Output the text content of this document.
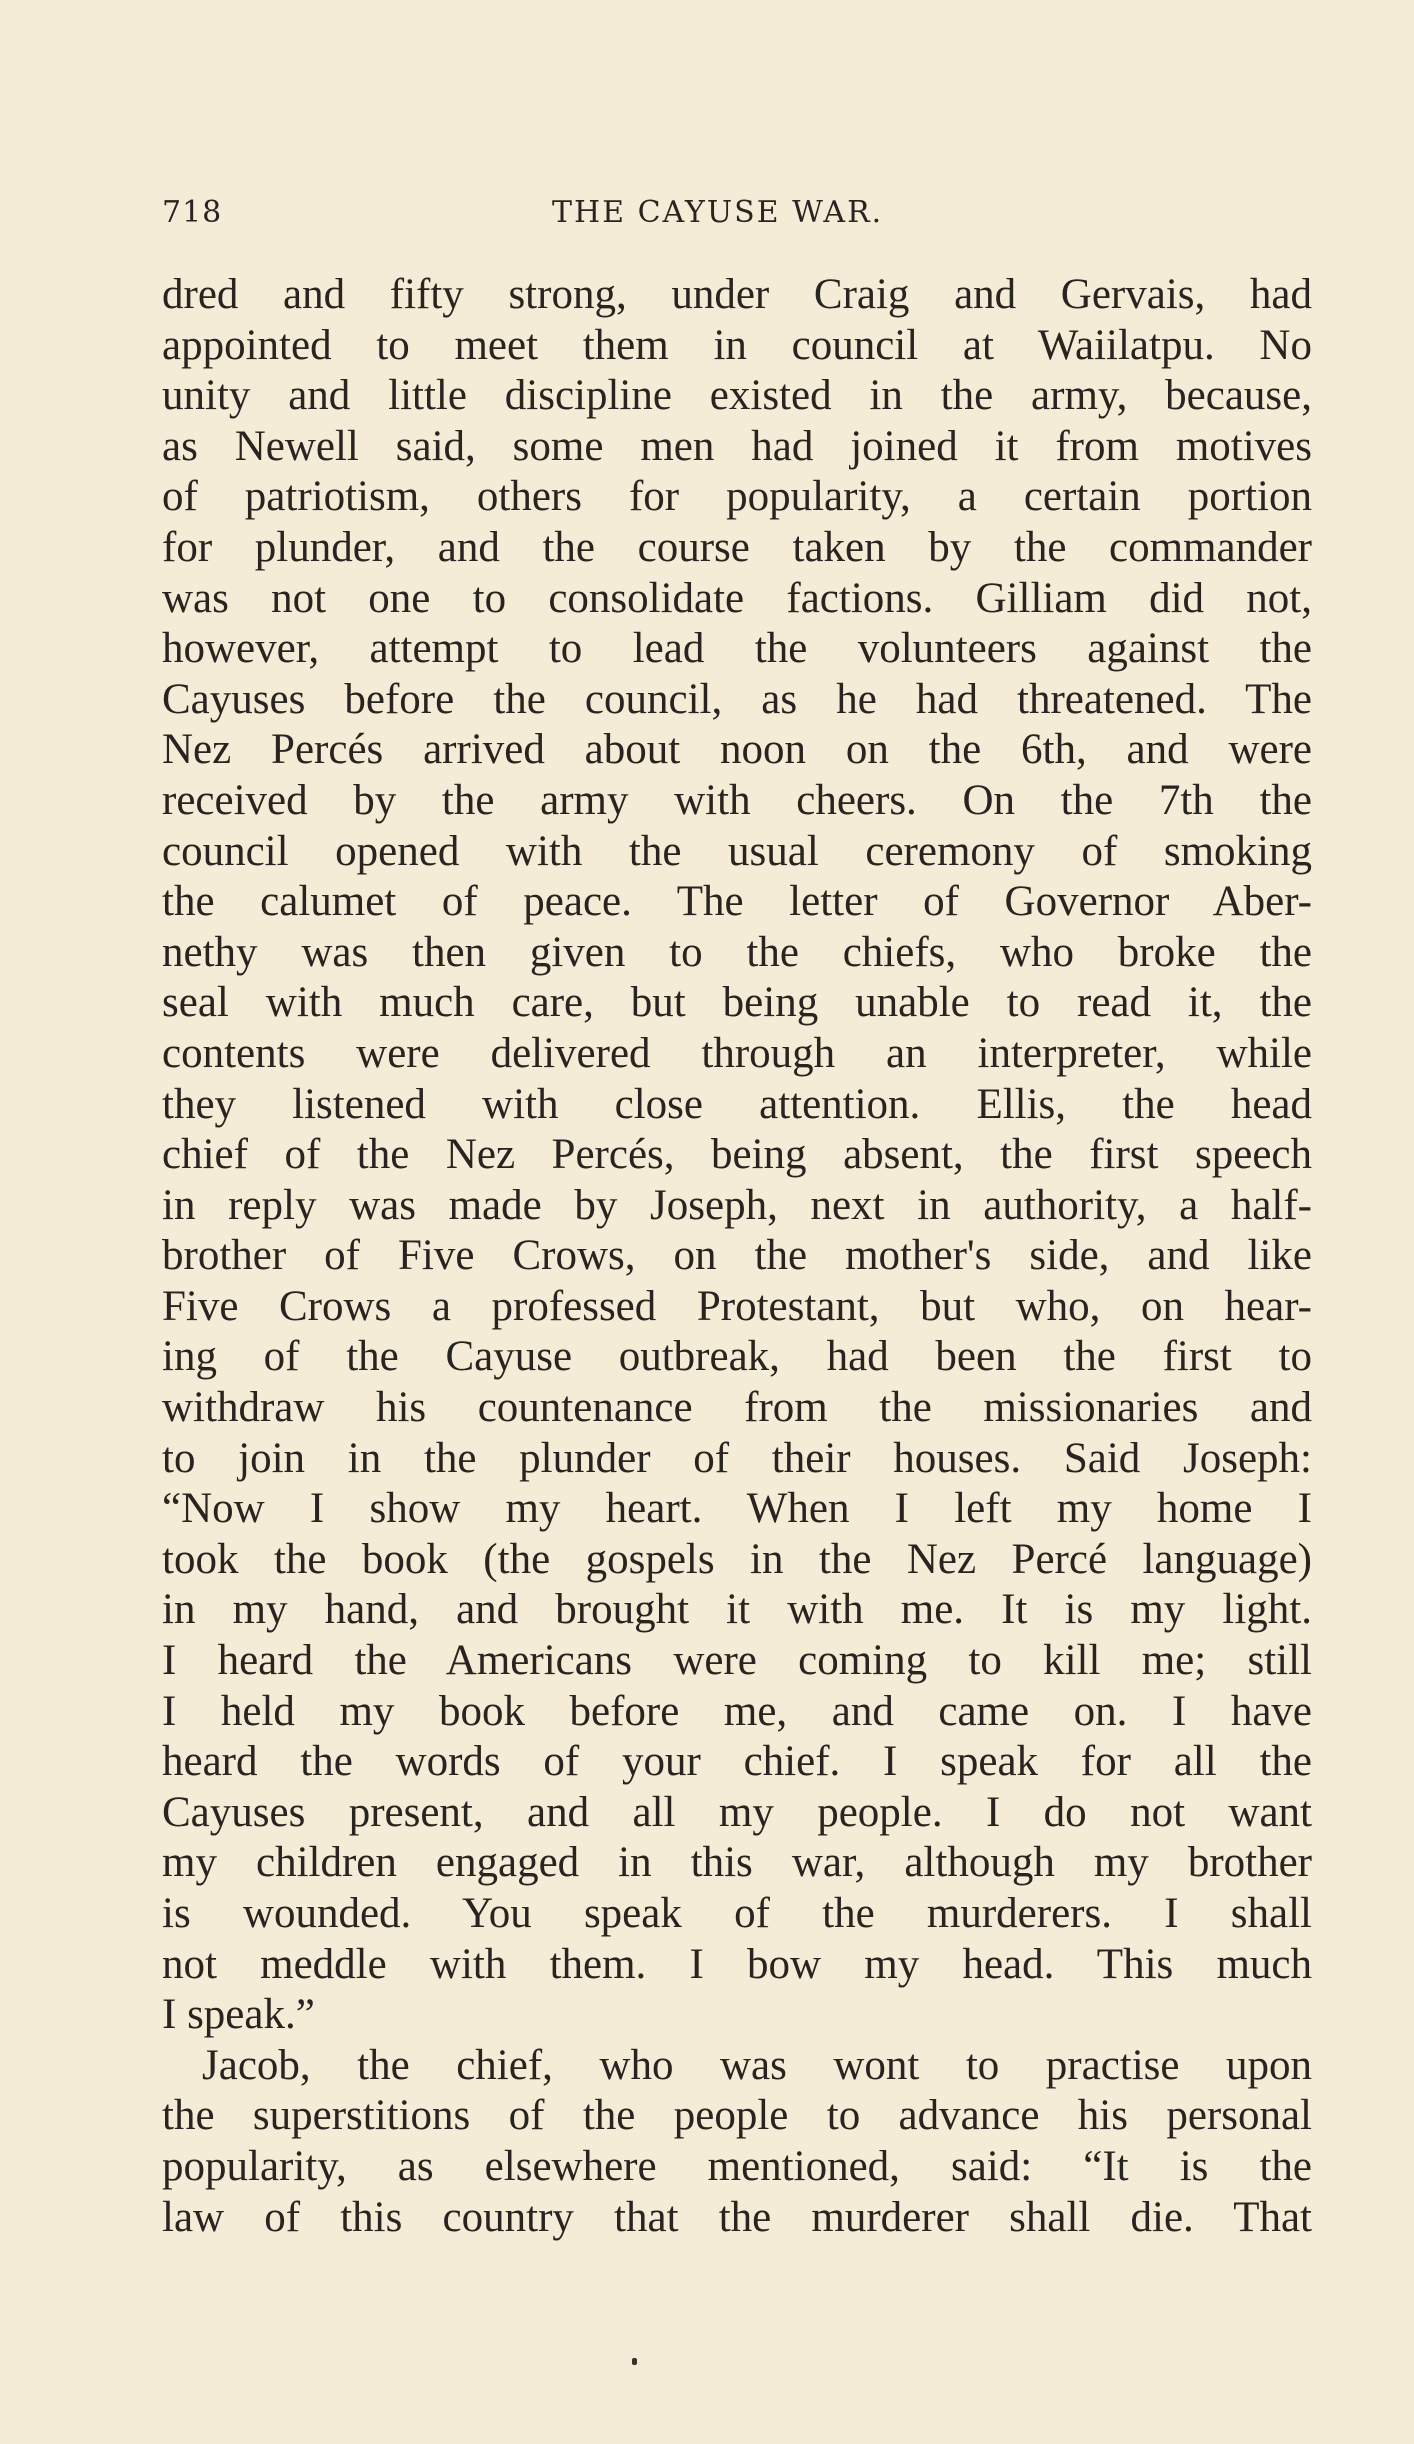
718	THE CAYUSE WAR.
dred and fifty strong, under Craig and Gervais, had
appointed to meet them in council at Waiilatpu. No
unity and little discipline existed in the army, because,
as Newell said, some men had joined it from motives
of patriotism, others for popularity, a certain portion
for plunder, and the course taken by the commander
was not one to consolidate factions. Gilliam did not,
however, attempt to lead the volunteers against the
Cayuses before the council, as he had threatened. The
Nez Percés arrived about noon on the 6th, and were
received by the army with cheers. On the 7th the
council opened with the usual ceremony of smoking
the calumet of peace. The letter of Governor Aber-
nethy was then given to the chiefs, who broke the
seal with much care, but being unable to read it, the
contents were delivered through an interpreter, while
they listened with close attention. Ellis, the head
chief of the Nez Percés, being absent, the first speech
in reply was made by Joseph, next in authority, a half-
brother of Five Crows, on the mother's side, and like
Five Crows a professed Protestant, but who, on hear-
ing of the Cayuse outbreak, had been the first to
withdraw his countenance from the missionaries and
to join in the plunder of their houses. Said Joseph:
“Now I show my heart. When I left my home I
took the book (the gospels in the Nez Percé language)
in my hand, and brought it with me. It is my light.
I heard the Americans were coming to kill me; still
I held my book before me, and came on. I have
heard the words of your chief. I speak for all the
Cayuses present, and all my people. I do not want
my children engaged in this war, although my brother
is wounded. You speak of the murderers. I shall
not meddle with them. I bow my head. This much
I speak.”
Jacob, the chief, who was wont to practise upon
the superstitions of the people to advance his personal
popularity, as elsewhere mentioned, said: “It is the
law of this country that the murderer shall die. That
